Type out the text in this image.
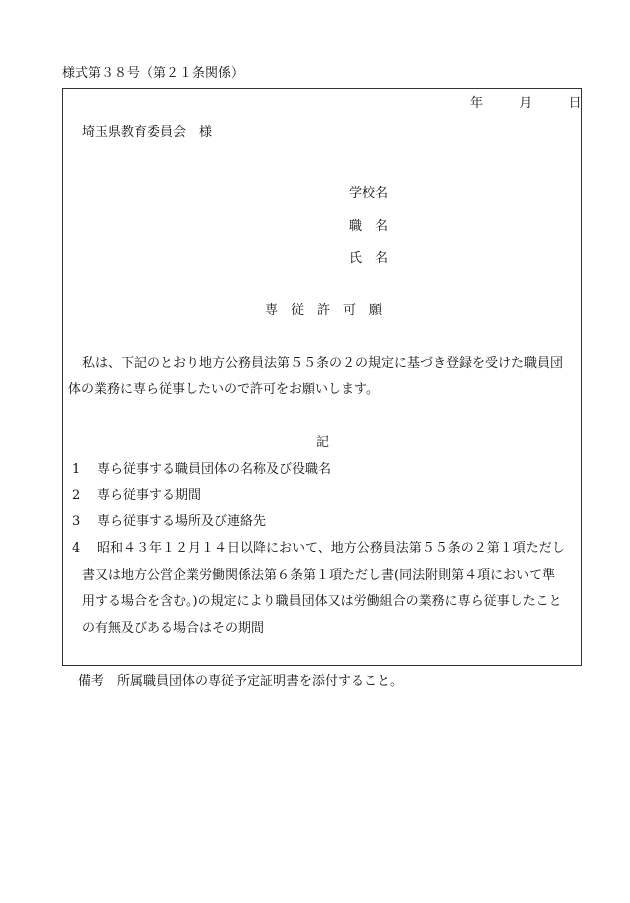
様式第３８号（第２１条関係）
年	月	日
埼玉県教育委員会　様
学校名
職　名
氏　名
専　従　許　可　願
私は、下記のとおり地方公務員法第５５条の２の規定に基づき登録を受けた職員団
体の業務に専ら従事したいので許可をお願いします。
記
1 専ら従事する職員団体の名称及び役職名
2 専ら従事する期間
3 専ら従事する場所及び連絡先
4 昭和４３年１２月１４日以降において、地方公務員法第５５条の２第１項ただし
書又は地方公営企業労働関係法第６条第１項ただし書(同法附則第４項において準
用する場合を含む。)の規定により職員団体又は労働組合の業務に専ら従事したこと
の有無及びある場合はその期間
備考　所属職員団体の専従予定証明書を添付すること。
